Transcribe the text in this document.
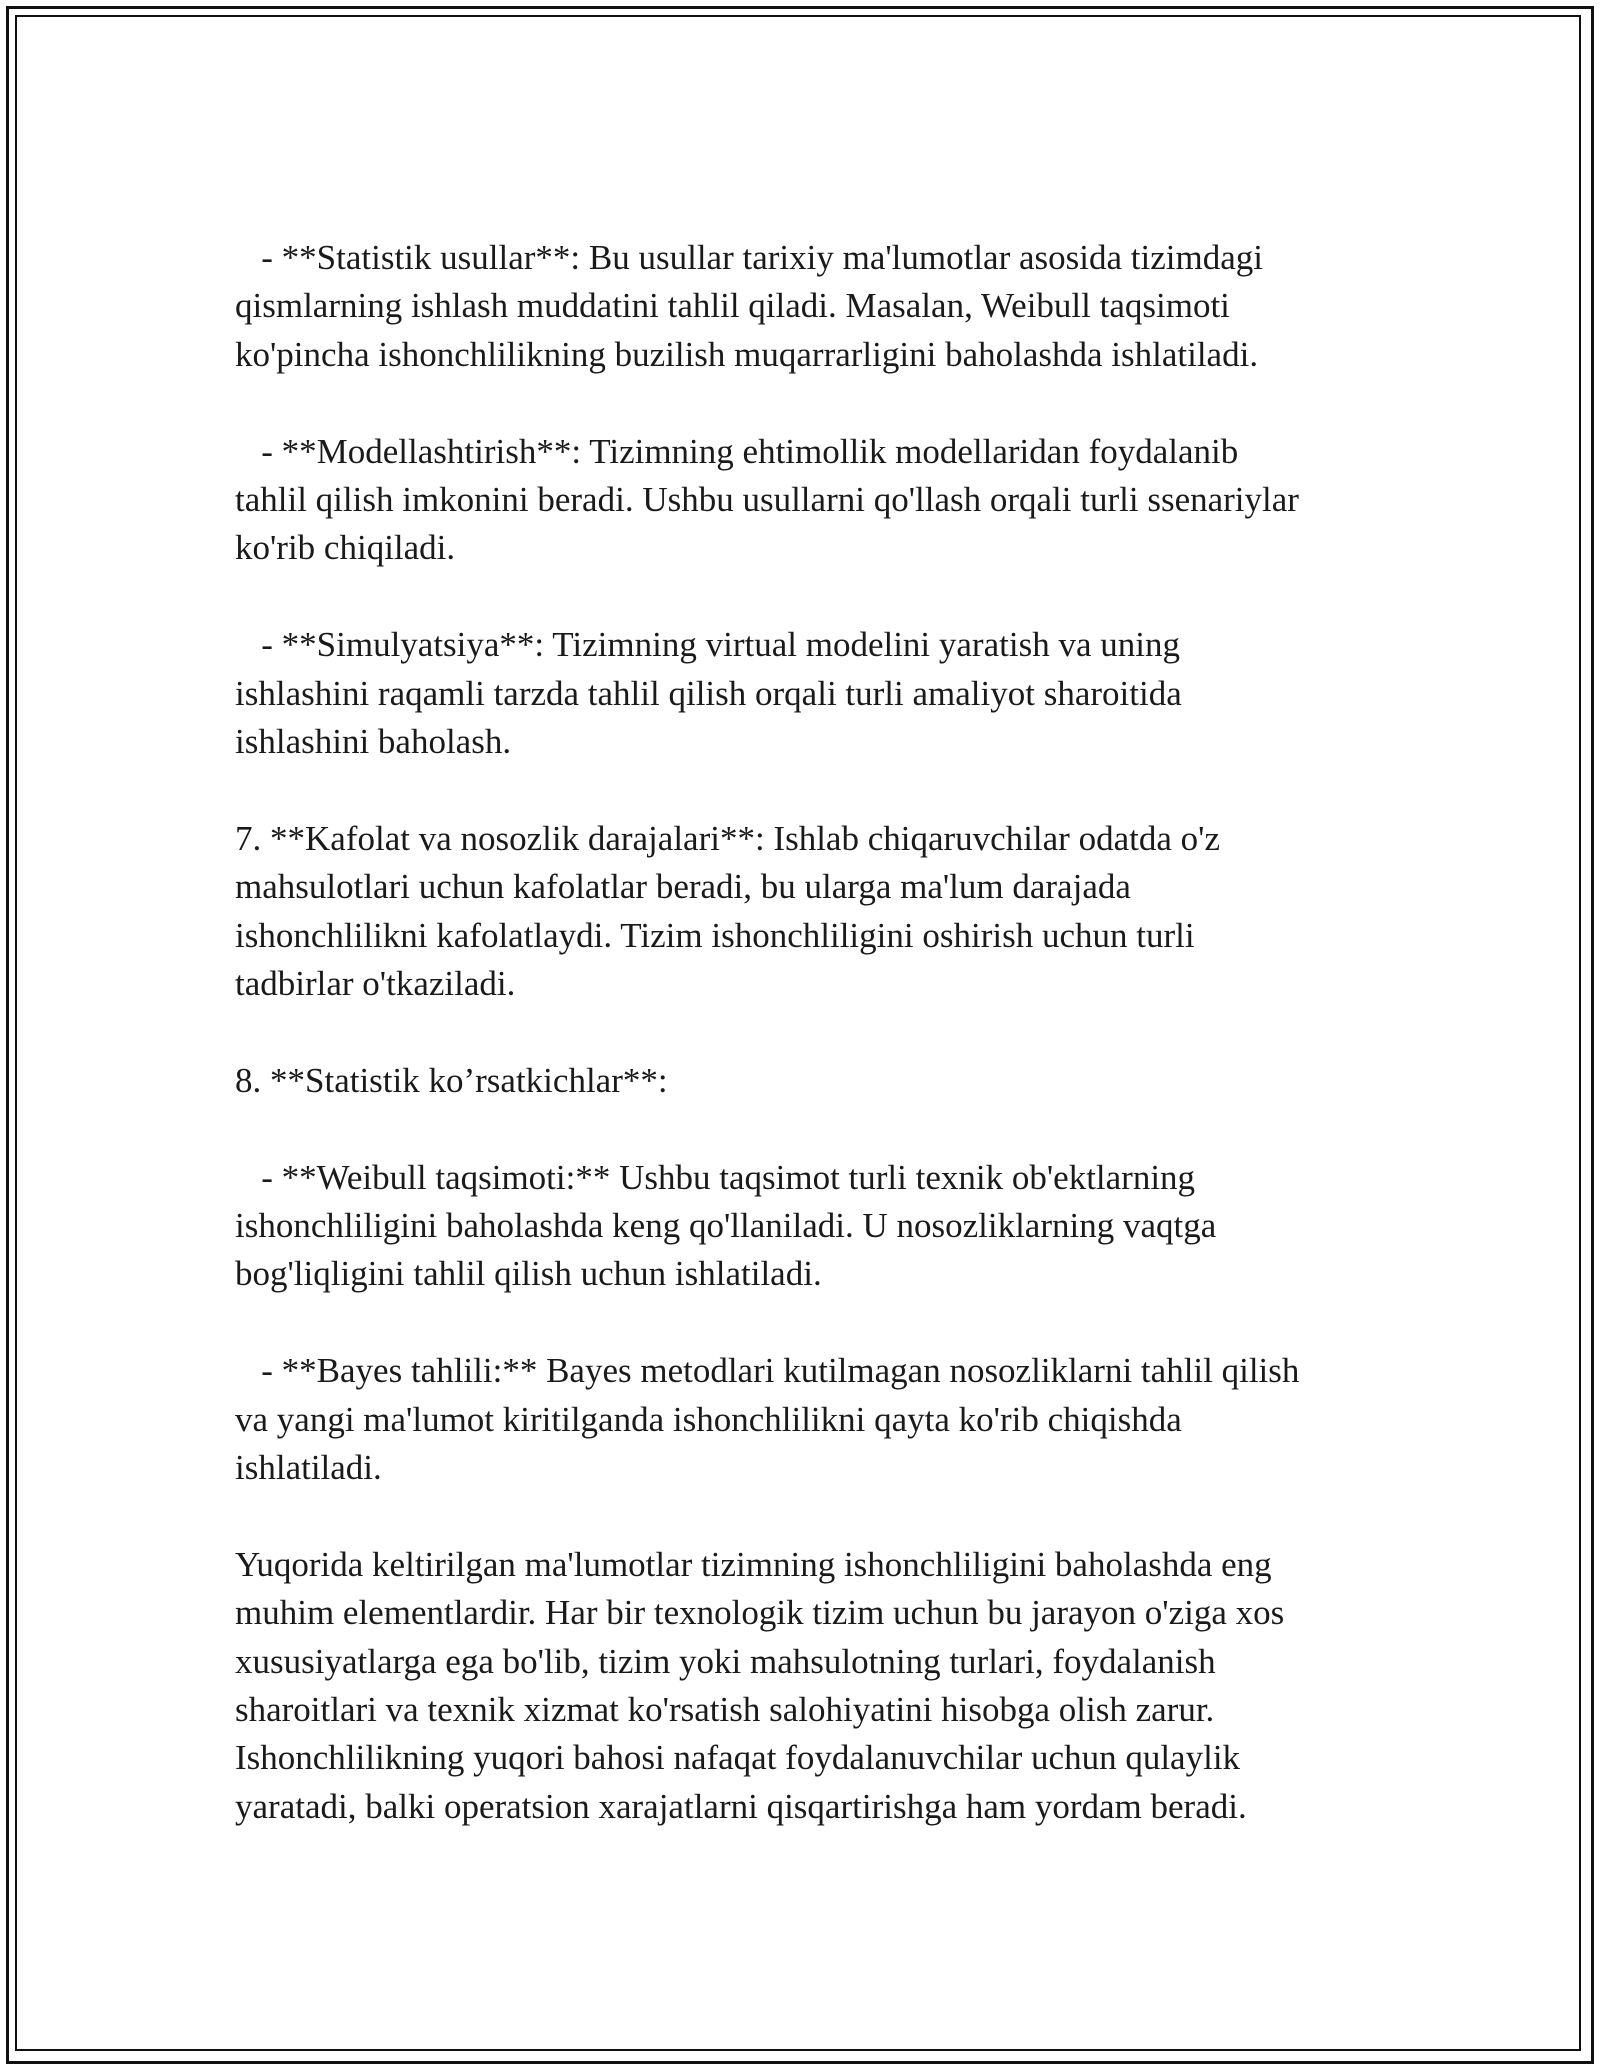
- **Statistik usullar**: Bu usullar tarixiy ma'lumotlar asosida tizimdagi
qismlarning ishlash muddatini tahlil qiladi. Masalan, Weibull taqsimoti
ko'pincha ishonchlilikning buzilish muqarrarligini baholashda ishlatiladi.

- **Modellashtirish**: Tizimning ehtimollik modellaridan foydalanib
tahlil qilish imkonini beradi. Ushbu usullarni qo'llash orqali turli ssenariylar
ko'rib chiqiladi.

- **Simulyatsiya**: Tizimning virtual modelini yaratish va uning
ishlashini raqamli tarzda tahlil qilish orqali turli amaliyot sharoitida
ishlashini baholash.

7. **Kafolat va nosozlik darajalari**: Ishlab chiqaruvchilar odatda o'z
mahsulotlari uchun kafolatlar beradi, bu ularga ma'lum darajada
ishonchlilikni kafolatlaydi. Tizim ishonchliligini oshirish uchun turli
tadbirlar o'tkaziladi.

8. **Statistik ko’rsatkichlar**:

- **Weibull taqsimoti:** Ushbu taqsimot turli texnik ob'ektlarning
ishonchliligini baholashda keng qo'llaniladi. U nosozliklarning vaqtga
bog'liqligini tahlil qilish uchun ishlatiladi.

- **Bayes tahlili:** Bayes metodlari kutilmagan nosozliklarni tahlil qilish
va yangi ma'lumot kiritilganda ishonchlilikni qayta ko'rib chiqishda
ishlatiladi.

Yuqorida keltirilgan ma'lumotlar tizimning ishonchliligini baholashda eng
muhim elementlardir. Har bir texnologik tizim uchun bu jarayon o'ziga xos
xususiyatlarga ega bo'lib, tizim yoki mahsulotning turlari, foydalanish
sharoitlari va texnik xizmat ko'rsatish salohiyatini hisobga olish zarur.
Ishonchlilikning yuqori bahosi nafaqat foydalanuvchilar uchun qulaylik
yaratadi, balki operatsion xarajatlarni qisqartirishga ham yordam beradi.
